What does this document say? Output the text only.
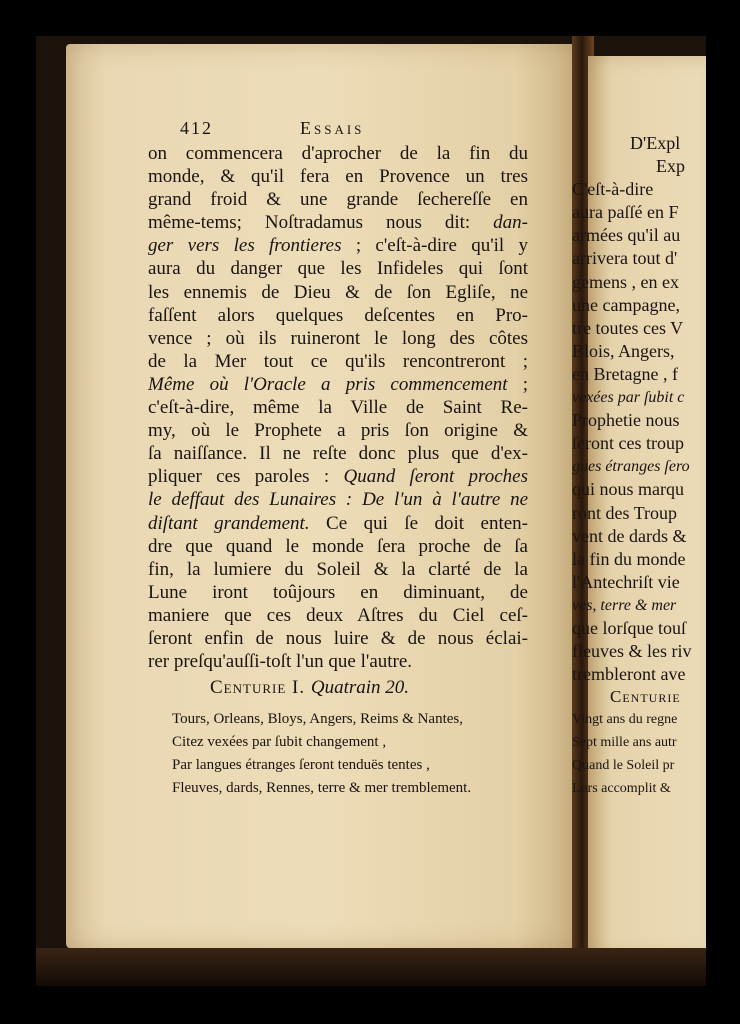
412	Essais
on commencera d'aprocher de la fin du
monde, & qu'il fera en Provence un tres
grand froid & une grande ſechereſſe en
même-tems; Noſtradamus nous dit: dan-
ger vers les frontieres ; c'eſt-à-dire qu'il y
aura du danger que les Infideles qui ſont
les ennemis de Dieu & de ſon Egliſe, ne
faſſent alors quelques deſcentes en Pro-
vence ; où ils ruineront le long des côtes
de la Mer tout ce qu'ils rencontreront ;
Même où l'Oracle a pris commencement ;
c'eſt-à-dire, même la Ville de Saint Re-
my, où le Prophete a pris ſon origine &
ſa naiſſance. Il ne reſte donc plus que d'ex-
pliquer ces paroles : Quand ſeront proches
le deffaut des Lunaires : De l'un à l'autre ne
diſtant grandement. Ce qui ſe doit enten-
dre que quand le monde ſera proche de ſa
fin, la lumiere du Soleil & la clarté de la
Lune iront toûjours en diminuant, de
maniere que ces deux Aſtres du Ciel ceſ-
ſeront enfin de nous luire & de nous éclai-
rer preſqu'auſſi-toſt l'un que l'autre.
Centurie I. Quatrain 20.
Tours, Orleans, Bloys, Angers, Reims & Nantes,
Citez vexées par ſubit changement ,
Par langues étranges ſeront tenduës tentes ,
Fleuves, dards, Rennes, terre & mer tremblement.
D'Expl
Exp
C'eſt-à-dire
aura paſſé en F
armées qu'il au
arrivera tout d'
gemens , en ex
une campagne,
tre toutes ces V
Blois, Angers,
en Bretagne , f
vexées par ſubit c
Prophetie nous
ſeront ces troup
gues étranges ſero
qui nous marqu
ront des Troup
vent de dards &
la fin du monde
l'Antechriſt vie
ves, terre & mer
que lorſque touſ
fleuves & les riv
trembleront ave
Centurie
Vingt ans du regne
Sept mille ans autr
Quand le Soleil pr
Lors accomplit &
